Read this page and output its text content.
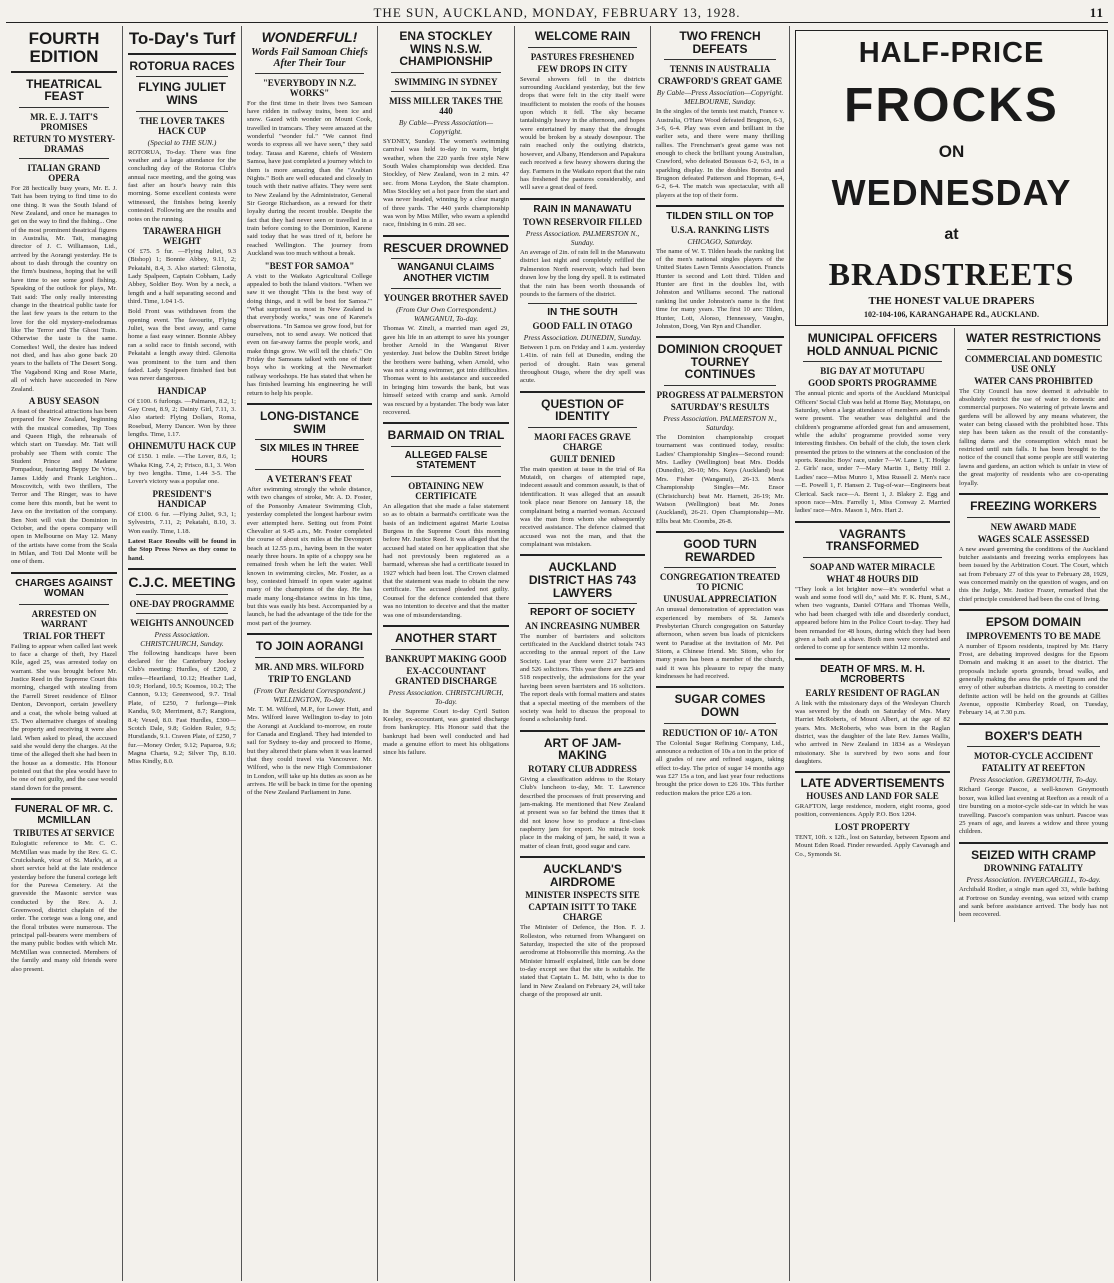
THE SUN, AUCKLAND, MONDAY, FEBRUARY 13, 1928.	11
FOURTH EDITION
THEATRICAL FEAST
MR. E. J. TAIT'S PROMISES
RETURN TO MYSTERY-DRAMAS
ITALIAN GRAND OPERA
For 28 hectically busy years, Mr. E. J. Tait has been trying to find time to do one thing. It was the South Island of New Zealand, and once he manages to get on the way to find the fishing... One of the most prominent theatrical figures in Australia, Mr. Tait, managing director of J. C. Williamson, Ltd., arrived by the Aorangi yesterday. He is about to dash through the country on the firm's business, hoping that he will have time to see some good fishing. Speaking of the outlook for plays, Mr. Tait said: The only really interesting change in the theatrical public taste for the last few years is the return to the love for the old mystery-melodramas like The Terror and The Ghost Train. Otherwise the taste is the same. Comedies! Well, the desire has indeed not died, and has also gone back 20 years to the ballets of The Desert Song. The Vagabond King and Rose Marie, all of which have succeeded in New Zealand.
A BUSY SEASON
A feast of theatrical attractions has been prepared for New Zealand, beginning with the musical comedies, Tip Toes and Queen High, the rehearsals of which start on Tuesday. Mr. Tait will probably see Them with comic The Student Prince and Madame Pompadour, featuring Beppy De Vries, James Liddy and Frank Leighton... Moscovitch, with two thrillers, The Terror and The Ringer, was to have come here this month, but he went to Java on the invitation of the company. Ben Nott will visit the Dominion in October, and the opera company will open in Melbourne on May 12. Many of the artists have come from the Scala in Milan, and Toti Dal Monte will be one of them.
CHARGES AGAINST WOMAN
ARRESTED ON WARRANT
TRIAL FOR THEFT
Failing to appear when called last week to face a charge of theft, Ivy Hazel Kile, aged 25, was arrested today on warrant. She was brought before Mr. Justice Reed in the Supreme Court this morning, charged with stealing from the Farrell Street residence of Elinor Denton, Devonport, certain jewellery and a coat, the whole being valued at £5. Two alternative charges of stealing the property and receiving it were also laid. When asked to plead, the accused said she would deny the charges. At the time of the alleged theft she had been in the house as a domestic. His Honour pointed out that the plea would have to be one of not guilty, and the case would stand down for the present.
FUNERAL OF MR. C. MCMILLAN
TRIBUTES AT SERVICE
Eulogistic reference to Mr. C. C. McMillan was made by the Rev. G. C. Cruickshank, vicar of St. Mark's, at a short service held at the late residence yesterday before the funeral cortege left for the Purewa Cemetery. At the graveside the Masonic service was conducted by the Rev. A. J. Greenwood, district chaplain of the order. The cortege was a long one, and the floral tributes were numerous. The principal pall-bearers were members of the many public bodies with which Mr. McMillan was connected. Members of the family and many old friends were also present.
To-Day's Turf
ROTORUA RACES
FLYING JULIET WINS
THE LOVER TAKES HACK CUP
(Special to THE SUN.)
ROTORUA, To-day. There was fine weather and a large attendance for the concluding day of the Rotorua Club's annual race meeting, and the going was fast after an hour's heavy rain this morning. Some excellent contests were witnessed, the finishes being keenly contested. Following are the results and notes on the running.
TARAWERA HIGH WEIGHT
Of £75. 5 fur. —Flying Juliet, 9.3 (Bishop) 1; Bonnie Abbey, 9.11, 2; Pekatahi, 8.4, 3. Also started: Glenoita, Lady Spalpeen, Captain Cobham, Lady Abbey, Soldier Boy. Won by a neck, a length and a half separating second and third. Time, 1.04 1-5.
Bold Front was withdrawn from the opening event. The favourite, Flying Juliet, was the best away, and came home a fast easy winner. Bonnie Abbey ran a solid race to finish second, with Pekatahi a length away third. Glenoita was prominent to the turn and then faded. Lady Spalpeen finished fast but was never dangerous.
HANDICAP
Of £100. 6 furlongs. —Palmares, 8.2, 1; Gay Crest, 8.9, 2; Dainty Girl, 7.11, 3. Also started: Flying Dollars, Roma, Rosebud, Merry Dancer. Won by three lengths. Time, 1.17.
OHINEMUTU HACK CUP
Of £150. 1 mile. —The Lover, 8.6, 1; Whaka King, 7.4, 2; Frisco, 8.1, 3. Won by two lengths. Time, 1.44 3-5. The Lover's victory was a popular one.
PRESIDENT'S HANDICAP
Of £100. 6 fur. —Flying Juliet, 9.3, 1; Sylvestris, 7.11, 2; Pekatahi, 8.10, 3. Won easily. Time, 1.18.
Latest Race Results will be found in the Stop Press News as they come to hand.
C.J.C. MEETING
ONE-DAY PROGRAMME
WEIGHTS ANNOUNCED
Press Association. CHRISTCHURCH, Sunday.
The following handicaps have been declared for the Canterbury Jockey Club's meeting: Hurdles, of £200, 2 miles—Heartland, 10.12; Heather Lad, 10.9; Horland, 10.5; Kosmos, 10.2; The Cannon, 9.13; Greenwood, 9.7. Trial Plate, of £250, 7 furlongs—Pink Kandia, 9.0; Merriment, 8.7; Rangiora, 8.4; Vexed, 8.0. Fast Hurdles, £300—Scotch Dale, 9.8; Golden Ruler, 9.5; Hurstlands, 9.1. Craven Plate, of £250, 7 fur.—Money Order, 9.12; Paparoa, 9.6; Magna Charta, 9.2; Silver Tip, 8.10. Miss Kindly, 8.0.
WONDERFUL!
Words Fail Samoan Chiefs After Their Tour
"EVERYBODY IN N.Z. WORKS"
For the first time in their lives two Samoan have ridden in railway trains, been ice and snow. Gazed with wonder on Mount Cook, travelled in tramcars. They were amazed at the wonderful "wonder ful." "We cannot find words to express all we have seen," they said today. Tauaa and Karene, chiefs of Western Samoa, have just completed a journey which to them is more amazing than the "Arabian Nights." Both are well educated and closely in touch with their native affairs. They were sent to New Zealand by the Administrator, General Sir George Richardson, as a reward for their loyalty during the recent trouble. Despite the fact that they had never seen or travelled in a train before coming to the Dominion, Karene said today that he was tired of it, before he reached Wellington. The journey from Auckland was too much without a break.
"BEST FOR SAMOA"
A visit to the Waikato Agricultural College appealed to both the island visitors. "When we saw it we thought 'This is the best way of doing things, and it will be best for Samoa.'" "What surprised us most in New Zealand is that everybody works," was one of Karene's observations. "In Samoa we grow food, but for ourselves, not to send away. We noticed that even on far-away farms the people work, and make things grow. We will tell the chiefs." On Friday the Samoans talked with one of their boys who is working at the Newmarket railway workshops. He has stated that when he has finished learning his engineering he will return to help his people.
LONG-DISTANCE SWIM
SIX MILES IN THREE HOURS
A VETERAN'S FEAT
After swimming strongly the whole distance, with two changes of stroke, Mr. A. D. Foster, of the Ponsonby Amateur Swimming Club, yesterday completed the longest harbour swim ever attempted here. Setting out from Point Chevalier at 9.45 a.m., Mr. Foster completed the course of about six miles at the Devonport beach at 12.55 p.m., having been in the water nearly three hours. In spite of a choppy sea he remained fresh when he left the water. Well known in swimming circles, Mr. Foster, as a boy, contested himself in open water against many of the champions of the day. He has made many long-distance swims in his time, but this was easily his best. Accompanied by a launch, he had the advantage of the tide for the most part of the journey.
TO JOIN AORANGI
MR. AND MRS. WILFORD
TRIP TO ENGLAND
(From Our Resident Correspondent.) WELLINGTON, To-day.
Mr. T. M. Wilford, M.P., for Lower Hutt, and Mrs. Wilford leave Wellington to-day to join the Aorangi at Auckland to-morrow, en route for Canada and England. They had intended to sail for Sydney to-day and proceed to Home, but they altered their plans when it was learned that they could travel via Vancouver. Mr. Wilford, who is the new High Commissioner in London, will take up his duties as soon as he arrives. He will be back in time for the opening of the New Zealand Parliament in June.
ENA STOCKLEY WINS N.S.W. CHAMPIONSHIP
SWIMMING IN SYDNEY
MISS MILLER TAKES THE 440
By Cable—Press Association—Copyright.
SYDNEY, Sunday. The women's swimming carnival was held to-day in warm, bright weather, when the 220 yards free style New South Wales championship was decided. Ena Stockley, of New Zealand, won in 2 min. 47 sec. from Mona Leydon, the State champion. Miss Stockley set a hot pace from the start and was never headed, winning by a clear margin of three yards. The 440 yards championship was won by Miss Miller, who swam a splendid race, finishing in 6 min. 28 sec.
RESCUER DROWNED
WANGANUI CLAIMS ANOTHER VICTIM
YOUNGER BROTHER SAVED
(From Our Own Correspondent.) WANGANUI, To-day.
Thomas W. Zinzli, a married man aged 29, gave his life in an attempt to save his younger brother Arnold in the Wanganui River yesterday. Just below the Dublin Street bridge the brothers were bathing, when Arnold, who was not a strong swimmer, got into difficulties. Thomas went to his assistance and succeeded in bringing him towards the bank, but was himself seized with cramp and sank. Arnold was rescued by a bystander. The body was later recovered.
BARMAID ON TRIAL
ALLEGED FALSE STATEMENT
OBTAINING NEW CERTIFICATE
An allegation that she made a false statement so as to obtain a barmaid's certificate was the basis of an indictment against Marie Louisa Burgess in the Supreme Court this morning before Mr. Justice Reed. It was alleged that the accused had stated on her application that she had not previously been registered as a barmaid, whereas she had a certificate issued in 1927 which had been lost. The Crown claimed that the statement was made to obtain the new certificate. The accused pleaded not guilty. Counsel for the defence contended that there was no intention to deceive and that the matter was one of misunderstanding.
ANOTHER START
BANKRUPT MAKING GOOD
EX-ACCOUNTANT GRANTED DISCHARGE
Press Association. CHRISTCHURCH, To-day.
In the Supreme Court to-day Cyril Sutton Keeley, ex-accountant, was granted discharge from bankruptcy. His Honour said that the bankrupt had been well conducted and had made a genuine effort to meet his obligations since his failure.
WELCOME RAIN
PASTURES FRESHENED
FEW DROPS IN CITY
Several showers fell in the districts surrounding Auckland yesterday, but the few drops that were felt in the city itself were insufficient to moisten the roofs of the houses upon which it fell. The sky became tantalisingly heavy in the afternoon, and hopes were entertained by many that the drought would be broken by a steady downpour. The rain reached only the outlying districts, however, and Albany, Henderson and Papakura each received a few heavy showers during the day. Farmers in the Waikato report that the rain has freshened the pastures considerably, and will save a great deal of feed.
RAIN IN MANAWATU
TOWN RESERVOIR FILLED
Press Association. PALMERSTON N., Sunday.
An average of 2in. of rain fell in the Manawatu district last night and completely refilled the Palmerston North reservoir, which had been drawn low by the long dry spell. It is estimated that the rain has been worth thousands of pounds to the farmers of the district.
IN THE SOUTH
GOOD FALL IN OTAGO
Press Association. DUNEDIN, Sunday.
Between 1 p.m. on Friday and 1 a.m. yesterday 1.41in. of rain fell at Dunedin, ending the period of drought. Rain was general throughout Otago, where the dry spell was acute.
QUESTION OF IDENTITY
MAORI FACES GRAVE CHARGE
GUILT DENIED
The main question at issue in the trial of Ra Mutaidi, on charges of attempted rape, indecent assault and common assault, is that of identification. It was alleged that an assault took place near Benore on January 18, the complainant being a married woman. Accused was the man from whom she subsequently received assistance. The defence claimed that accused was not the man, and that the complainant was mistaken.
AUCKLAND DISTRICT HAS 743 LAWYERS
REPORT OF SOCIETY
AN INCREASING NUMBER
The number of barristers and solicitors certificated in the Auckland district totals 743 according to the annual report of the Law Society. Last year there were 217 barristers and 526 solicitors. This year there are 225 and 518 respectively, the admissions for the year having been seven barristers and 16 solicitors. The report deals with formal matters and states that a special meeting of the members of the society was held to discuss the proposal to found a scholarship fund.
ART OF JAM-MAKING
ROTARY CLUB ADDRESS
Giving a classification address to the Rotary Club's luncheon to-day, Mr. T. Lawrence described the processes of fruit preserving and jam-making. He mentioned that New Zealand at present was so far behind the times that it did not know how to produce a first-class raspberry jam for export. No miracle took place in the making of jam, he said, it was a matter of clean fruit, good sugar and care.
AUCKLAND'S AIRDROME
MINISTER INSPECTS SITE
CAPTAIN ISITT TO TAKE CHARGE
The Minister of Defence, the Hon. F. J. Rolleston, who returned from Whangarei on Saturday, inspected the site of the proposed aerodrome at Hobsonville this morning. As the Minister himself explained, little can be done to-day except see that the site is suitable. He stated that Captain L. M. Isitt, who is due to land in New Zealand on February 24, will take charge of the proposed air unit.
TWO FRENCH DEFEATS
TENNIS IN AUSTRALIA
CRAWFORD'S GREAT GAME
By Cable—Press Association—Copyright. MELBOURNE, Sunday.
In the singles of the tennis test match, France v. Australia, O'Hara Wood defeated Brugnon, 6-3, 3-6, 6-4. Play was even and brilliant in the earlier sets, and there were many thrilling rallies. The Frenchman's great game was not enough to check the brilliant young Australian, Crawford, who defeated Boussus 6-2, 6-3, in a sparkling display. In the doubles Borotra and Brugnon defeated Patterson and Hopman, 6-4, 6-2, 6-4. The match was spectacular, with all players at the top of their form.
TILDEN STILL ON TOP
U.S.A. RANKING LISTS
CHICAGO, Saturday.
The name of W. T. Tilden heads the ranking list of the men's national singles players of the United States Lawn Tennis Association. Francis Hunter is second and Lott third. Tilden and Hunter are first in the doubles list, with Johnston and Williams second. The national ranking list under Johnston's name is the first time for many years. The first 10 are: Tilden, Hunter, Lott, Alonso, Hennessey, Vaughn, Johnston, Doeg, Van Ryn and Chandler.
DOMINION CROQUET TOURNEY CONTINUES
PROGRESS AT PALMERSTON
SATURDAY'S RESULTS
Press Association. PALMERSTON N., Saturday.
The Dominion championship croquet tournament was continued today, results: Ladies' Championship Singles—Second round: Mrs. Ladley (Wellington) beat Mrs. Dodds (Dunedin), 26-10; Mrs. Keys (Auckland) beat Mrs. Fisher (Wanganui), 26-13. Men's Championship Singles—Mr. Ensor (Christchurch) beat Mr. Harnett, 26-19; Mr. Watson (Wellington) beat Mr. Jones (Auckland), 26-21. Open Championship—Mr. Ellis beat Mr. Coombs, 26-8.
GOOD TURN REWARDED
CONGREGATION TREATED TO PICNIC
UNUSUAL APPRECIATION
An unusual demonstration of appreciation was experienced by members of St. James's Presbyterian Church congregation on Saturday afternoon, when seven bus loads of picnickers went to Paradise at the invitation of Mr. Pei Sitom, a Chinese friend. Mr. Sitom, who for many years has been a member of the church, said it was his pleasure to repay the many kindnesses he had received.
SUGAR COMES DOWN
REDUCTION OF 10/- A TON
The Colonial Sugar Refining Company, Ltd., announce a reduction of 10s a ton in the price of all grades of raw and refined sugars, taking effect to-day. The price of sugar 14 months ago was £27 15s a ton, and last year four reductions brought the price down to £26 10s. This further reduction makes the price £26 a ton.
HALF-PRICE
FROCKS
ON
WEDNESDAY
at
BRADSTREETS
THE HONEST VALUE DRAPERS
102-104-106, KARANGAHAPE Rd., AUCKLAND.
MUNICIPAL OFFICERS HOLD ANNUAL PICNIC
BIG DAY AT MOTUTAPU
GOOD SPORTS PROGRAMME
The annual picnic and sports of the Auckland Municipal Officers' Social Club was held at Home Bay, Motutapu, on Saturday, when a large attendance of members and friends were present. The weather was delightful and the children's programme afforded great fun and amusement, while the adults' programme provided some very interesting finishes. On behalf of the club, the town clerk presented the prizes to the winners at the conclusion of the sports. Results: Boys' race, under 7—W. Lane 1, T. Hodge 2. Girls' race, under 7—Mary Martin 1, Betty Hill 2. Ladies' race—Miss Munro 1, Miss Russell 2. Men's race—E. Powell 1, F. Hansen 2. Tug-of-war—Engineers beat Clerical. Sack race—A. Brent 1, J. Blakey 2. Egg and spoon race—Mrs. Farrelly 1, Miss Conway 2. Married ladies' race—Mrs. Mason 1, Mrs. Hart 2.
VAGRANTS TRANSFORMED
SOAP AND WATER MIRACLE
WHAT 48 HOURS DID
"They look a lot brighter now—it's wonderful what a wash and some food will do," said Mr. F. K. Hunt, S.M., when two vagrants, Daniel O'Hara and Thomas Wells, who had been charged with idle and disorderly conduct, appeared before him in the Police Court to-day. They had been remanded for 48 hours, during which they had been given a bath and a shave. Both men were convicted and ordered to come up for sentence within 12 months.
DEATH OF MRS. M. H. MCROBERTS
EARLY RESIDENT OF RAGLAN
A link with the missionary days of the Wesleyan Church was severed by the death on Saturday of Mrs. Mary Harriet McRoberts, of Mount Albert, at the age of 82 years. Mrs. McRoberts, who was born in the Raglan district, was the daughter of the late Rev. James Wallis, who arrived in New Zealand in 1834 as a Wesleyan missionary. She is survived by two sons and four daughters.
LATE ADVERTISEMENTS
HOUSES AND LAND FOR SALE
GRAFTON, large residence, modern, eight rooms, good position, conveniences. Apply P.O. Box 1204.
LOST PROPERTY
TENT, 10ft. x 12ft., lost on Saturday, between Epsom and Mount Eden Road. Finder rewarded. Apply Cavanagh and Co., Symonds St.
WATER RESTRICTIONS
COMMERCIAL AND DOMESTIC USE ONLY
WATER CANS PROHIBITED
The City Council has now deemed it advisable to absolutely restrict the use of water to domestic and commercial purposes. No watering of private lawns and gardens will be allowed by any means whatever, the water can being classed with the prohibited hose. This step has been taken as the result of the constantly-falling dams and the consumption which must be restricted until rain falls. It has been brought to the notice of the council that some people are still watering lawns and gardens, an action which is unfair in view of the great majority of residents who are co-operating loyally.
FREEZING WORKERS
NEW AWARD MADE
WAGES SCALE ASSESSED
A new award governing the conditions of the Auckland butcher assistants and freezing works employees has been issued by the Arbitration Court. The Court, which sat from February 27 of this year to February 28, 1929, was concerned mainly on the question of wages, and on this the Judge, Mr. Justice Frazer, remarked that the chief principle considered had been the cost of living.
EPSOM DOMAIN
IMPROVEMENTS TO BE MADE
A number of Epsom residents, inspired by Mr. Harry Frost, are debating improved designs for the Epsom Domain and making it an asset to the district. The proposals include sports grounds, broad walks, and generally making the area the pride of Epsom and the envy of other suburban districts. A meeting to consider definite action will be held on the grounds at Gillies Avenue, opposite Kimberley Road, on Tuesday, February 14, at 7.30 p.m.
BOXER'S DEATH
MOTOR-CYCLE ACCIDENT
FATALITY AT REEFTON
Press Association. GREYMOUTH, To-day.
Richard George Pascoe, a well-known Greymouth boxer, was killed last evening at Reefton as a result of a tire bursting on a motor-cycle side-car in which he was travelling. Pascoe's companion was unhurt. Pascoe was 25 years of age, and leaves a widow and three young children.
SEIZED WITH CRAMP
DROWNING FATALITY
Press Association. INVERCARGILL, To-day.
Archibald Rodier, a single man aged 33, while bathing at Fortrose on Sunday evening, was seized with cramp and sank before assistance arrived. The body has not been recovered.
